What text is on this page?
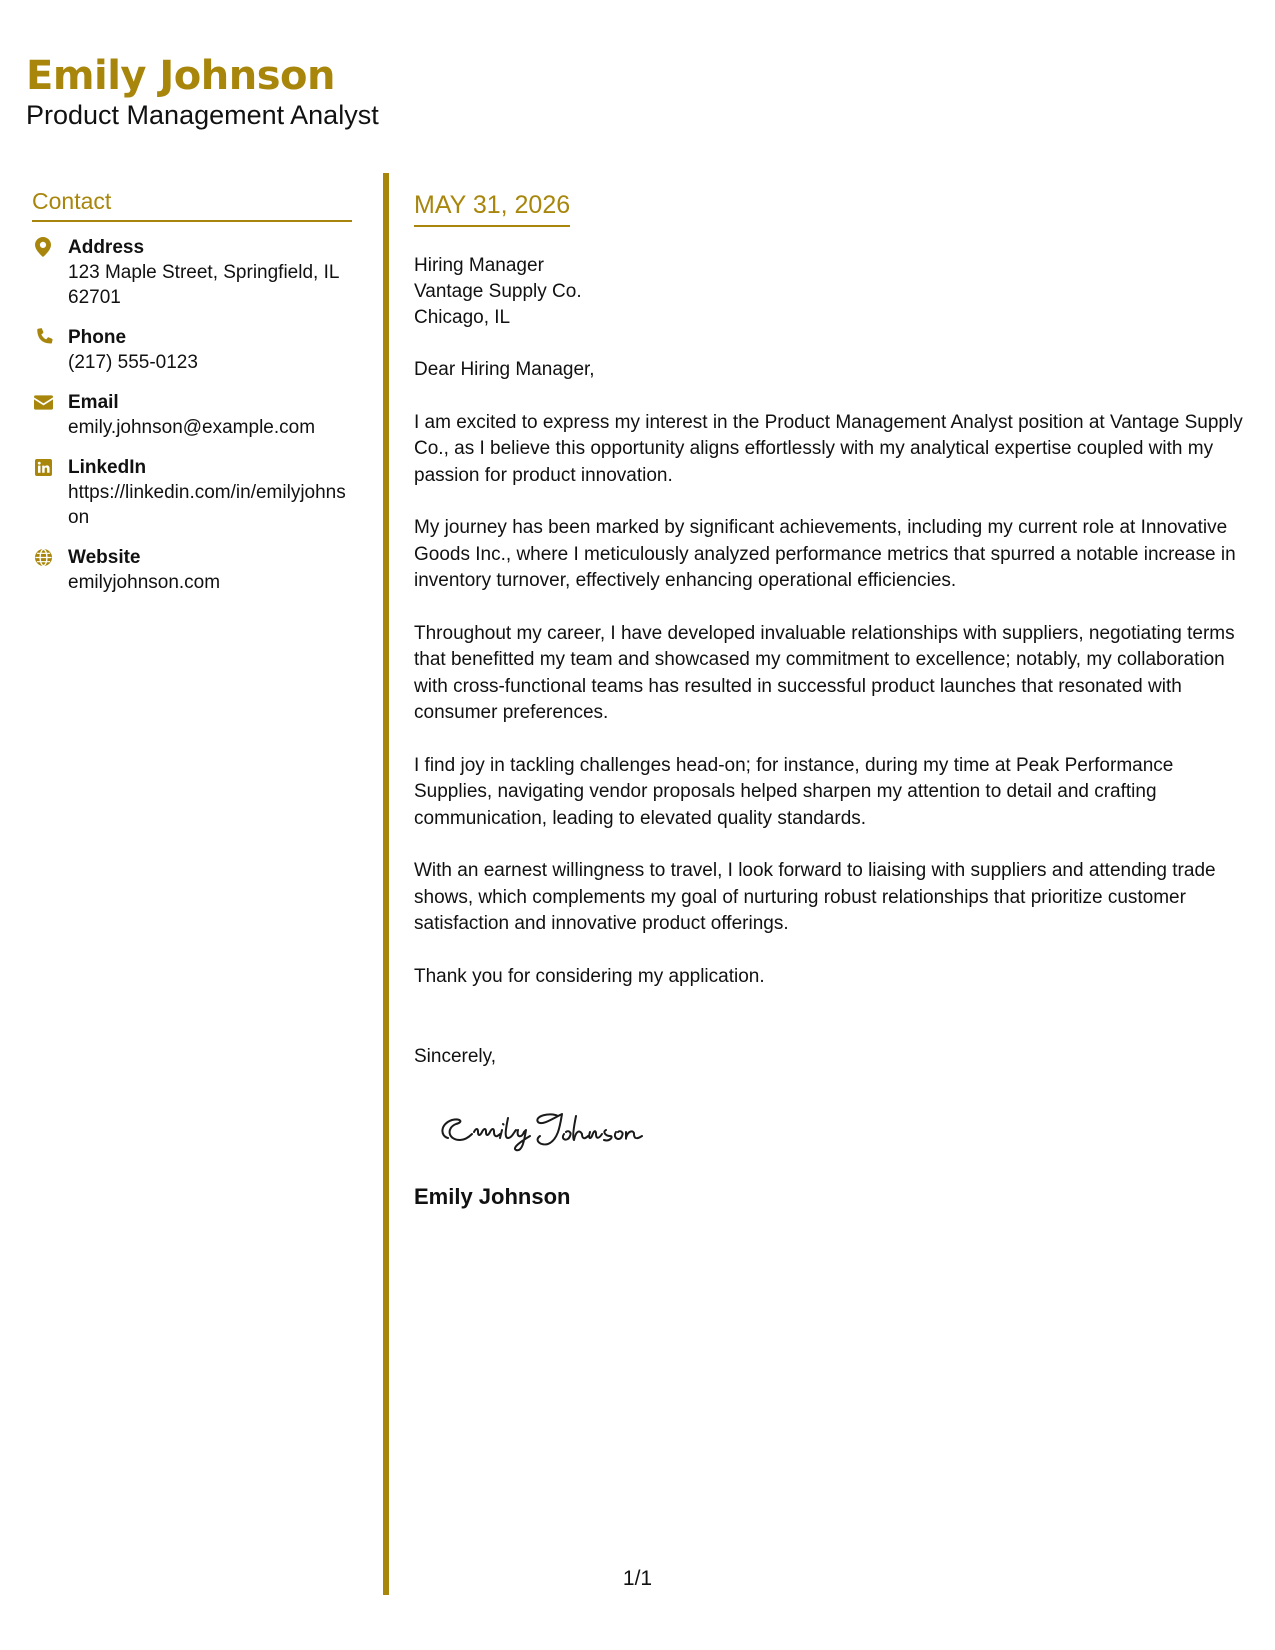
Emily Johnson
Product Management Analyst
Contact
Address
123 Maple Street, Springfield, IL 62701
Phone
(217) 555-0123
Email
emily.johnson@example.com
LinkedIn
https://linkedin.com/in/emilyjohnson
Website
emilyjohnson.com
MAY 31, 2026
Hiring Manager
Vantage Supply Co.
Chicago, IL

Dear Hiring Manager,

I am excited to express my interest in the Product Management Analyst position at Vantage Supply Co., as I believe this opportunity aligns effortlessly with my analytical expertise coupled with my passion for product innovation.

My journey has been marked by significant achievements, including my current role at Innovative Goods Inc., where I meticulously analyzed performance metrics that spurred a notable increase in inventory turnover, effectively enhancing operational efficiencies.

Throughout my career, I have developed invaluable relationships with suppliers, negotiating terms that benefitted my team and showcased my commitment to excellence; notably, my collaboration with cross-functional teams has resulted in successful product launches that resonated with consumer preferences.

I find joy in tackling challenges head-on; for instance, during my time at Peak Performance Supplies, navigating vendor proposals helped sharpen my attention to detail and crafting communication, leading to elevated quality standards.

With an earnest willingness to travel, I look forward to liaising with suppliers and attending trade shows, which complements my goal of nurturing robust relationships that prioritize customer satisfaction and innovative product offerings.

Thank you for considering my application.

Sincerely,
Emily Johnson
1/1
